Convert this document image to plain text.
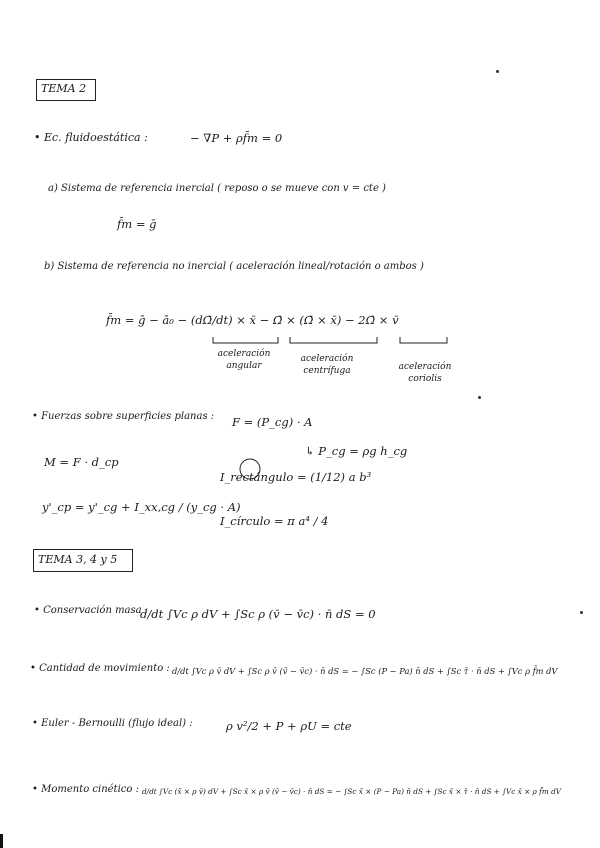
TEMA 2
• Ec. fluidoestática :	− ∇P + ρf̄m = 0
a) Sistema de referencia inercial ( reposo o se mueve con v = cte )
f̄m = ḡ
b) Sistema de referencia no inercial ( aceleración lineal/rotación o ambos )
f̄m = ḡ − ā₀ − (dΩ̄/dt) × x̄ − Ω̄ × (Ω̄ × x̄) − 2Ω̄ × v̄
aceleración
angular
aceleración
centrífuga	aceleración
coriolis
• Fuerzas sobre superficies planas : F = (P_cg) · A
↳ P_cg = ρg h_cg
M = F · d_cp
I_rectángulo = (1/12) a b³
y'_cp = y'_cg + I_xx,cg / (y_cg · A)
I_círculo = π a⁴ / 4
TEMA 3, 4 y 5
• Conservación masa :
d/dt ∫Vc ρ dV + ∫Sc ρ (v̄ − v̄c) · n̄ dS = 0
• Cantidad de movimiento : d/dt ∫Vc ρ v̄ dV + ∫Sc ρ v̄ (v̄ − v̄c) · n̄ dS = − ∫Sc (P − Pa) n̄ dS + ∫Sc τ̄ · n̄ dS + ∫Vc ρ f̄m dV
• Euler - Bernoulli (flujo ideal) :	ρ v²/2 + P + ρU = cte
• Momento cinético : d/dt ∫Vc (x̄ × ρ v̄) dV + ∫Sc x̄ × ρ v̄ (v̄ − v̄c) · n̄ dS = − ∫Sc x̄ × (P − Pa) n̄ dS + ∫Sc x̄ × τ̄ · n̄ dS + ∫Vc x̄ × ρ f̄m dV
